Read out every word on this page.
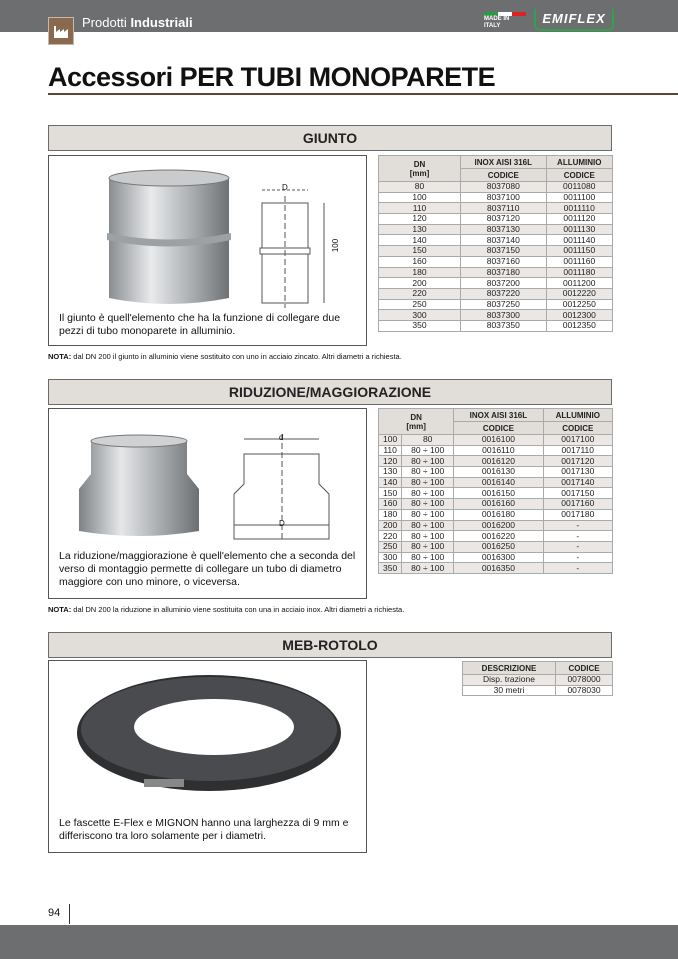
Prodotti Industriali	MADE IN ITALY	EMIFLEX
Accessori PER TUBI MONOPARETE
GIUNTO
D
100

Il giunto è quell'elemento che ha la funzione di collegare due pezzi di tubo monoparete in alluminio.

DN
[mm]	INOX AISI 316L	ALLUMINIO
	CODICE	CODICE
80	8037080	0011080
100	8037100	0011100
110	8037110	0011110
120	8037120	0011120
130	8037130	0011130
140	8037140	0011140
150	8037150	0011150
160	8037160	0011160
180	8037180	0011180
200	8037200	0011200
220	8037220	0012220
250	8037250	0012250
300	8037300	0012300
350	8037350	0012350
NOTA: dal DN 200 il giunto in alluminio viene sostituito con uno in acciaio zincato. Altri diametri a richiesta.
RIDUZIONE/MAGGIORAZIONE
d
D

La riduzione/maggiorazione è quell'elemento che a seconda del verso di montaggio permette di collegare un tubo di diametro maggiore con uno minore, o viceversa.

DN
[mm]		INOX AISI 316L	ALLUMINIO
		CODICE	CODICE
100	80	0016100	0017100
110	80 ÷ 100	0016110	0017110
120	80 ÷ 100	0016120	0017120
130	80 ÷ 100	0016130	0017130
140	80 ÷ 100	0016140	0017140
150	80 ÷ 100	0016150	0017150
160	80 ÷ 100	0016160	0017160
180	80 ÷ 100	0016180	0017180
200	80 ÷ 100	0016200	-
220	80 ÷ 100	0016220	-
250	80 ÷ 100	0016250	-
300	80 ÷ 100	0016300	-
350	80 ÷ 100	0016350	-
NOTA: dal DN 200 la riduzione in alluminio viene sostituita con una in acciaio inox. Altri diametri a richiesta.
MEB-ROTOLO

Le fascette E-Flex e MIGNON hanno una larghezza di 9 mm e differiscono tra loro solamente per i diametri.

DESCRIZIONE	CODICE
Disp. trazione	0078000
30 metri	0078030
94
